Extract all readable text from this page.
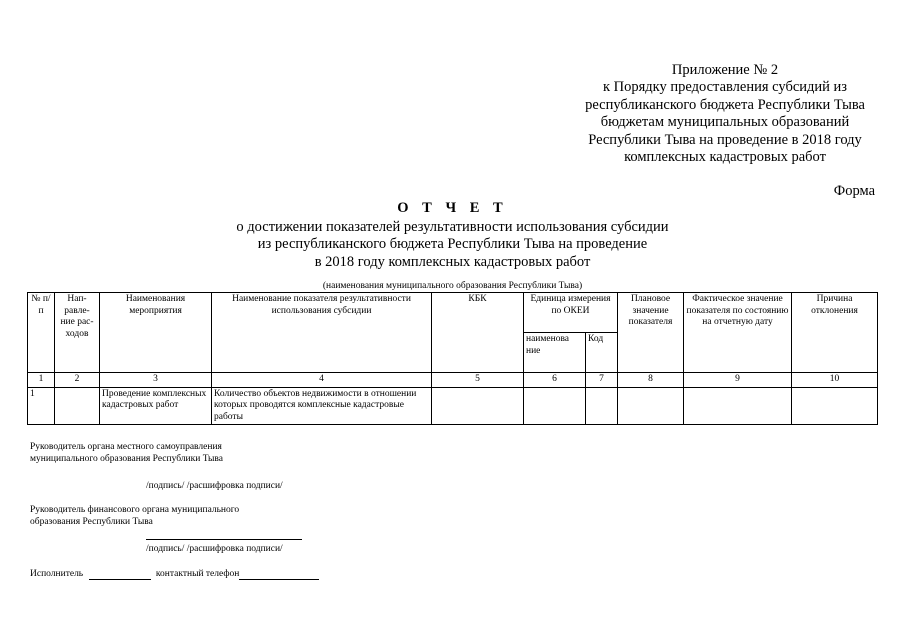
Приложение № 2
к Порядку предоставления субсидий из
республиканского бюджета Республики Тыва
бюджетам муниципальных образований
Республики Тыва на проведение в 2018 году
комплексных кадастровых работ
Форма
О Т Ч Е Т
о достижении показателей результативности использования субсидии
из республиканского бюджета Республики Тыва на проведение
в 2018 году комплексных кадастровых работ
(наименования муниципального образования Республики Тыва)
№ п/п	Нап- равле- ние рас- ходов	Наименования мероприятия	Наименование показателя результативности использования субсидии	КБК	Единица измерения по ОКЕИ		Плановое значение показателя	Фактическое значение показателя по состоянию на отчетную дату	Причина отклонения
					наименова ние	Код			
1	2	3	4	5	6	7	8	9	10
1		Проведение комплексных кадастровых работ	Количество объектов недвижимости в отношении которых проводятся комплексные кадастровые работы						
Руководитель органа местного самоуправления
муниципального образования Республики Тыва
/подпись/ /расшифровка подписи/
Руководитель финансового органа муниципального
образования Республики Тыва
/подпись/ /расшифровка подписи/
Исполнитель	контактный телефон
